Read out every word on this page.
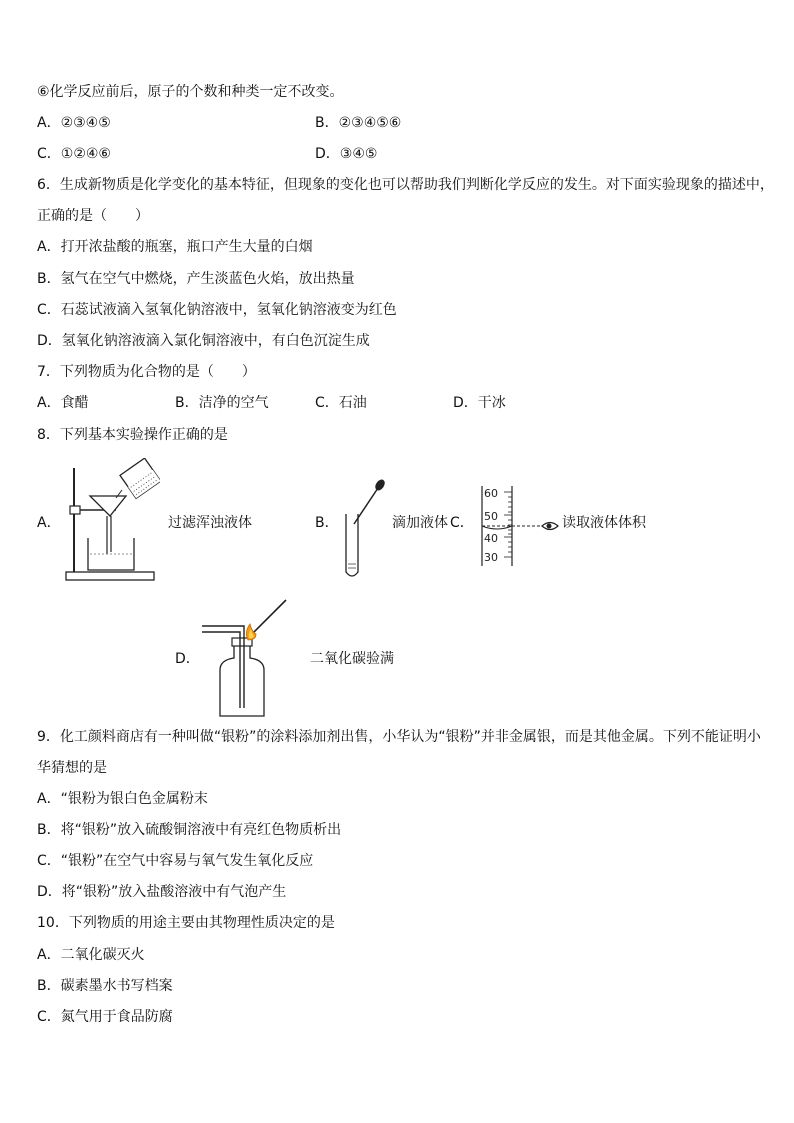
⑥化学反应前后，原子的个数和种类一定不改变。
A．②③④⑤	B．②③④⑤⑥
C．①②④⑥	D．③④⑤
6．生成新物质是化学变化的基本特征，但现象的变化也可以帮助我们判断化学反应的发生。对下面实验现象的描述中，
正确的是（　　）
A．打开浓盐酸的瓶塞，瓶口产生大量的白烟
B．氢气在空气中燃烧，产生淡蓝色火焰，放出热量
C．石蕊试液滴入氢氧化钠溶液中，氢氧化钠溶液变为红色
D．氢氧化钠溶液滴入氯化铜溶液中，有白色沉淀生成
7．下列物质为化合物的是（　　）
A．食醋	B．洁净的空气	C．石油	D．干冰
8．下列基本实验操作正确的是
A．	过滤浑浊液体	B．	滴加液体 C．
60
50
40
30
读取液体体积
D．	二氧化碳验满
9．化工颜料商店有一种叫做“银粉”的涂料添加剂出售，小华认为“银粉”并非金属银，而是其他金属。下列不能证明小
华猜想的是
A．“银粉为银白色金属粉末
B．将“银粉”放入硫酸铜溶液中有亮红色物质析出
C．“银粉”在空气中容易与氧气发生氧化反应
D．将“银粉”放入盐酸溶液中有气泡产生
10．下列物质的用途主要由其物理性质决定的是
A．二氧化碳灭火
B．碳素墨水书写档案
C．氮气用于食品防腐
